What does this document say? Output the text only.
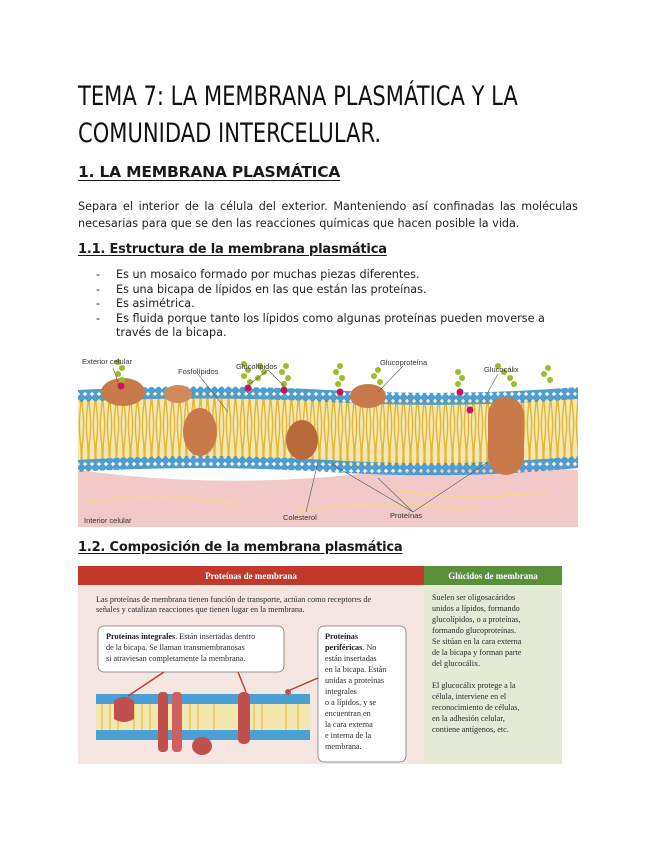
TEMA 7: LA MEMBRANA PLASMÁTICA Y LA
COMUNIDAD INTERCELULAR.
1. LA MEMBRANA PLASMÁTICA
Separa el interior de la célula del exterior. Manteniendo así confinadas las moléculas necesarias para que se den las reacciones químicas que hacen posible la vida.
1.1. Estructura de la membrana plasmática
- Es un mosaico formado por muchas piezas diferentes.
- Es una bicapa de lípidos en las que están las proteínas.
- Es asimétrica.
- Es fluida porque tanto los lípidos como algunas proteínas pueden moverse a través de la bicapa.
Exterior celular
Fosfolípidos
Glucolípidos	Glucoproteína
Glucocálix
Interior celular	Colesterol	Proteínas
1.2. Composición de la membrana plasmática
Proteínas de membrana	Glúcidos de membrana
Las proteínas de membrana tienen función de transporte, actúan como receptores de
señales y catalizan reacciones que tienen lugar en la membrana.
Proteínas integrales. Están insertadas dentro
de la bicapa. Se llaman transmembranosas
si atraviesan completamente la membrana.
Proteínas
periféricas. No
están insertadas
en la bicapa. Están
unidas a proteínas
integrales
o a lípidos, y se
encuentran en
la cara externa
e interna de la
membrana.
Suelen ser oligosacáridos
unidos a lípidos, formando
glucolípidos, o a proteínas,
formando glucoproteínas.
Se sitúan en la cara externa
de la bicapa y forman parte
del glucocálix.
El glucocálix protege a la
célula, interviene en el
reconocimiento de células,
en la adhesión celular,
contiene antígenos, etc.
